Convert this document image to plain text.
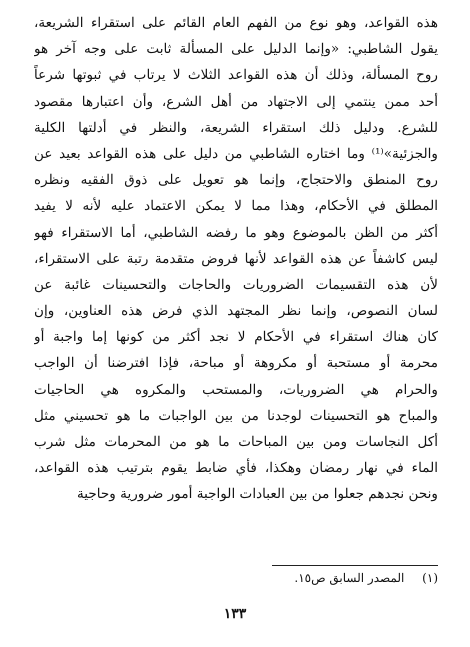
هذه القواعد، وهو نوع من الفهم العام القائم على استقراء الشريعة،
يقول الشاطبي: «وإنما الدليل على المسألة ثابت على وجه آخر هو
روح المسألة، وذلك أن هذه القواعد الثلاث لا يرتاب في ثبوتها شرعاً
أحد ممن ينتمي إلى الاجتهاد من أهل الشرع، وأن اعتبارها مقصود
للشرع. ودليل ذلك استقراء الشريعة، والنظر في أدلتها الكلية
والجزئية»⁽¹⁾ وما اختاره الشاطبي من دليل على هذه القواعد بعيد عن
روح المنطق والاحتجاج، وإنما هو تعويل على ذوق الفقيه ونظره
المطلق في الأحكام، وهذا مما لا يمكن الاعتماد عليه لأنه لا يفيد
أكثر من الظن بالموضوع وهو ما رفضه الشاطبي، أما الاستقراء فهو
ليس كاشفاً عن هذه القواعد لأنها فروض متقدمة رتبة على الاستقراء،
لأن هذه التقسيمات الضروريات والحاجات والتحسينات غائبة عن
لسان النصوص، وإنما نظر المجتهد الذي فرض هذه العناوين، وإن
كان هناك استقراء في الأحكام لا نجد أكثر من كونها إما واجبة أو
محرمة أو مستحبة أو مكروهة أو مباحة، فإذا افترضنا أن الواجب
والحرام هي الضروريات، والمستحب والمكروه هي الحاجيات
والمباح هو التحسينات لوجدنا من بين الواجبات ما هو تحسيني مثل
أكل النجاسات ومن بين المباحات ما هو من المحرمات مثل شرب
الماء في نهار رمضان وهكذا، فأي ضابط يقوم بترتيب هذه القواعد،
ونحن نجدهم جعلوا من بين العبادات الواجبة أمور ضرورية وحاجية
(١) المصدر السابق ص١٥.
١٣٣
